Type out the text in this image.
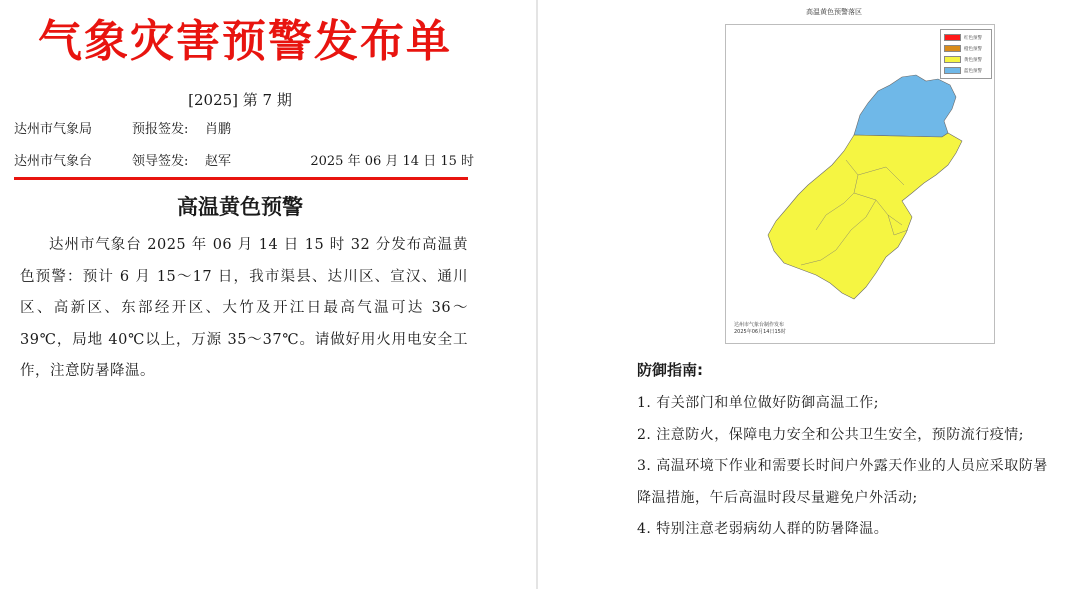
气象灾害预警发布单
[2025] 第 7 期
达州市气象局	预报签发: 肖鹏
达州市气象台	领导签发: 赵军	2025 年 06 月 14 日 15 时
高温黄色预警

达州市气象台 2025 年 06 月 14 日 15 时 32 分发布高温黄色预警：预计 6 月 15～17 日，我市渠县、达川区、宣汉、通川区、高新区、东部经开区、大竹及开江日最高气温可达 36～39℃，局地 40℃以上，万源 35～37℃。请做好用火用电安全工作，注意防暑降温。

高温黄色预警落区
红色预警
橙色预警
黄色预警
蓝色预警
达州市气象台制作发布
2025年06月14日15时
防御指南:
1. 有关部门和单位做好防御高温工作;
2. 注意防火，保障电力安全和公共卫生安全，预防流行疫情;
3. 高温环境下作业和需要长时间户外露天作业的人员应采取防暑降温措施，午后高温时段尽量避免户外活动;
4. 特别注意老弱病幼人群的防暑降温。
